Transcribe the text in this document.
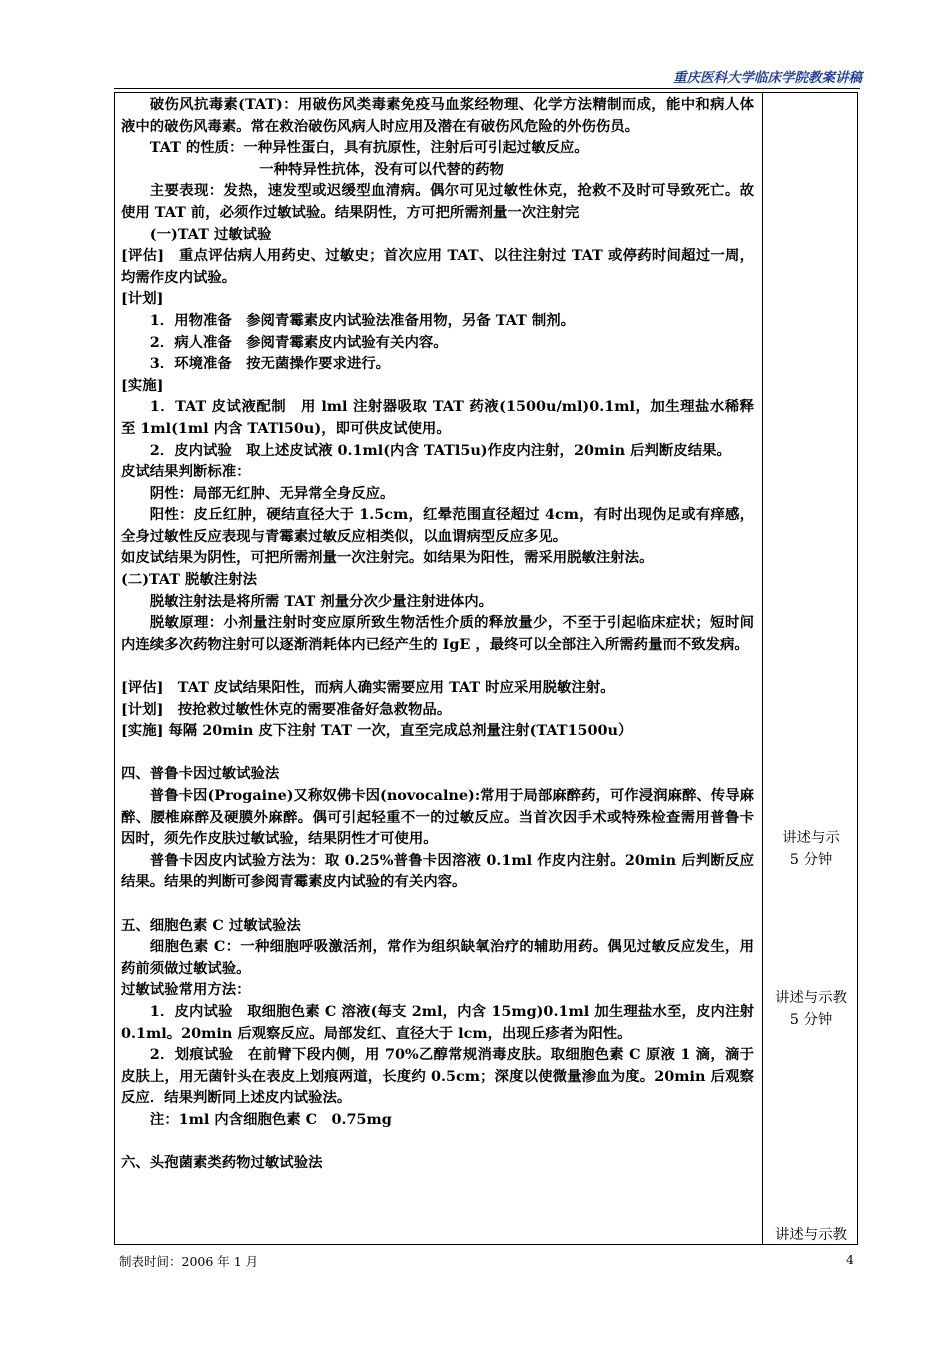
重庆医科大学临床学院教案讲稿

破伤风抗毒素(TAT)：用破伤风类毒素免疫马血浆经物理、化学方法精制而成，能中和病人体液中的破伤风毒素。常在救治破伤风病人时应用及潜在有破伤风危险的外伤伤员。

TAT 的性质：一种异性蛋白，具有抗原性，注射后可引起过敏反应。

一种特异性抗体，没有可以代替的药物

主要表现：发热，速发型或迟缓型血清病。偶尔可见过敏性休克，抢救不及时可导致死亡。故使用 TAT 前，必须作过敏试验。结果阴性，方可把所需剂量一次注射完

(一)TAT 过敏试验

[评估]　重点评估病人用药史、过敏史；首次应用 TAT、以往注射过 TAT 或停药时间超过一周，均需作皮内试验。

[计划]

1．用物准备　参阅青霉素皮内试验法准备用物，另备 TAT 制剂。

2．病人准备　参阅青霉素皮内试验有关内容。

3．环境准备　按无菌操作要求进行。

[实施]

1．TAT 皮试液配制　用 lml 注射器吸取 TAT 药液(1500u/ml)0.1ml，加生理盐水稀释至 1ml(1ml 内含 TATl50u)，即可供皮试使用。

2．皮内试验　取上述皮试液 0.1ml(内含 TATl5u)作皮内注射，20min 后判断皮结果。

皮试结果判断标准：

阴性：局部无红肿、无异常全身反应。

阳性：皮丘红肿，硬结直径大于 1.5cm，红晕范围直径超过 4cm，有时出现伪足或有痒感，全身过敏性反应表现与青霉素过敏反应相类似，以血谓病型反应多见。

如皮试结果为阴性，可把所需剂量一次注射完。如结果为阳性，需采用脱敏注射法。

(二)TAT 脱敏注射法

脱敏注射法是将所需 TAT 剂量分次少量注射进体内。

脱敏原理：小剂量注射时变应原所致生物活性介质的释放量少，不至于引起临床症状；短时间内连续多次药物注射可以逐渐消耗体内已经产生的 IgE ，最终可以全部注入所需药量而不致发病。

[评估]　TAT 皮试结果阳性，而病人确实需要应用 TAT 时应采用脱敏注射。

[计划]　按抢救过敏性休克的需要准备好急救物品。

[实施] 每隔 20min 皮下注射 TAT 一次，直至完成总剂量注射(TAT1500u）

四、普鲁卡因过敏试验法

普鲁卡因(Progaine)又称奴佛卡因(novocalne):常用于局部麻醉药，可作浸润麻醉、传导麻醉、腰椎麻醉及硬膜外麻醉。偶可引起轻重不一的过敏反应。当首次因手术或特殊检查需用普鲁卡因时，须先作皮肤过敏试验，结果阴性才可使用。

普鲁卡因皮内试验方法为：取 0.25%普鲁卡因溶液 0.1ml 作皮内注射。20min 后判断反应结果。结果的判断可参阅青霉素皮内试验的有关内容。

五、细胞色素 C 过敏试验法

细胞色素 C：一种细胞呼吸激活剂，常作为组织缺氧治疗的辅助用药。偶见过敏反应发生，用药前须做过敏试验。

过敏试验常用方法：

1．皮内试验　取细胞色素 C 溶液(每支 2ml，内含 15mg)0.1ml 加生理盐水至，皮内注射 0.1ml。20min 后观察反应。局部发红、直径大于 lcm，出现丘疹者为阳性。

2．划痕试验　在前臂下段内侧，用 70%乙醇常规消毒皮肤。取细胞色素 C 原液 1 滴，滴于皮肤上，用无菌针头在表皮上划痕两道，长度约 0.5cm；深度以使微量渗血为度。20min 后观察反应．结果判断同上述皮内试验法。

注：1ml 内含细胞色素 C　0.75mg

六、头孢菌素类药物过敏试验法

讲述与示
5 分钟
讲述与示教
5 分钟
讲述与示教
制表时间：2006 年 1 月	4
